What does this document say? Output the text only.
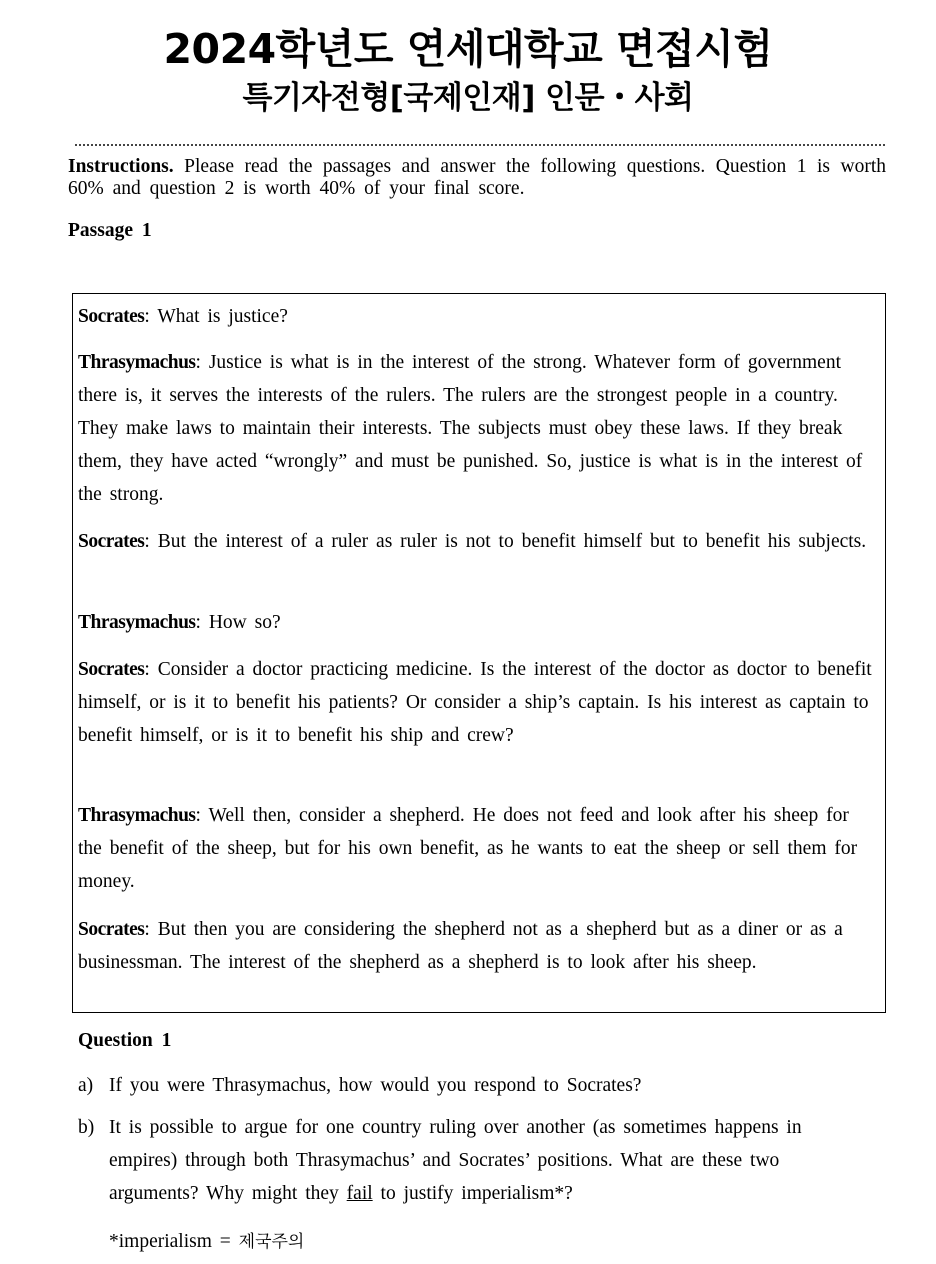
2024학년도 연세대학교 면접시험
특기자전형[국제인재] 인문・사회
Instructions. Please read the passages and answer the following questions. Question 1 is worth 60% and question 2 is worth 40% of your final score.
Passage 1
Socrates: What is justice?
Thrasymachus: Justice is what is in the interest of the strong. Whatever form of government there is, it serves the interests of the rulers. The rulers are the strongest people in a country. They make laws to maintain their interests. The subjects must obey these laws. If they break them, they have acted “wrongly” and must be punished. So, justice is what is in the interest of the strong.
Socrates: But the interest of a ruler as ruler is not to benefit himself but to benefit his subjects.
Thrasymachus: How so?
Socrates: Consider a doctor practicing medicine. Is the interest of the doctor as doctor to benefit himself, or is it to benefit his patients? Or consider a ship’s captain. Is his interest as captain to benefit himself, or is it to benefit his ship and crew?
Thrasymachus: Well then, consider a shepherd. He does not feed and look after his sheep for the benefit of the sheep, but for his own benefit, as he wants to eat the sheep or sell them for money.
Socrates: But then you are considering the shepherd not as a shepherd but as a diner or as a businessman. The interest of the shepherd as a shepherd is to look after his sheep.
Question 1
a) If you were Thrasymachus, how would you respond to Socrates?
b) It is possible to argue for one country ruling over another (as sometimes happens in empires) through both Thrasymachus’ and Socrates’ positions. What are these two arguments? Why might they fail to justify imperialism*?
*imperialism = 제국주의
